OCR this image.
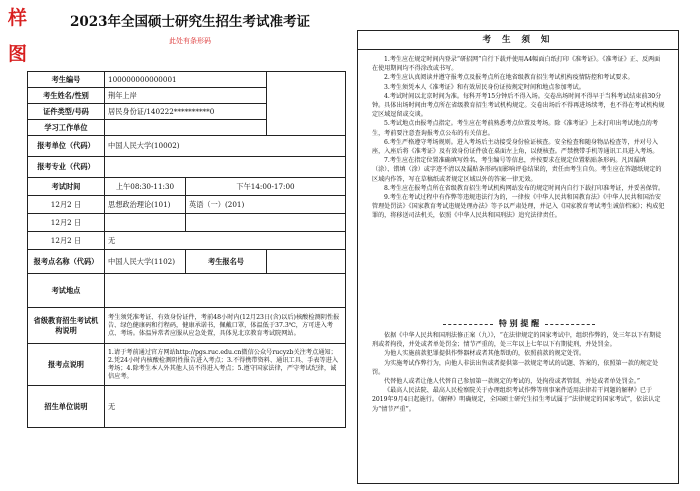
样
图
2023年全国硕士研究生招生考试准考证
此处有条形码
考生编号	100000000000001		
考生姓名/性别	荆年上岸		
证件类型/号码	居民身份证/140222**********0		
学习工作单位			
报考单位（代码）	中国人民大学(10002)		
报考专业（代码）			
考试时间	上午08:30-11:30	下午14:00-17:00	
12月2 日	思想政治理论(101)	英语（一）(201)	
12月2 日			
12月2 日	无		
报考点名称（代码）	中国人民大学(1102)	考生报名号	
考试地点			
省级教育招生考试机构说明	考生须凭准考证、有效身份证件，考前48小时内(12月23日(含)以后)核酸检测阴性报告、绿色健康码和行程码，健康承诺书，佩戴口罩，体温低于37.3℃，方可进入考点、考场。体温异常者应服从应急处置，具体见北京教育考试院网站。		
报考点说明	1.请于考前通过官方网站http://pgs.ruc.edu.cn微信公众号rucyzb关注考点通知；2.凭24小时内核酸检测阴性报告进入考点；3.不得携带资料、通讯工具、手表等进入考场；4.除考生本人外其他人员不得进入考点；5.遵守国家法律，严守考试纪律，诚信应考。		
招生单位说明	无		
考 生 须 知

1.考生应在规定时间内登录“研招网”自行下载并使用A4幅面白纸打印《准考证》。《准考证》正、反两面在使用期间均不得涂改或书写。

2.考生应认真阅读并遵守报考点及报考点所在地省级教育招生考试机构疫情防控和考试要求。

3.考生须凭本人《准考证》和有效居民身份证按规定时间和地点参加考试。

4.考试时间以北京时间为准。每科开考15分钟后不得入场。交卷出场时间不得早于当科考试结束前30分钟。具体出场时间由考点所在省级教育招生考试机构规定。交卷出场后不得再进场续考，也不得在考试机构规定区域逗留或交谈。

5.考试地点由报考点指定。考生应在考前熟悉考点位置及考场。除《准考证》上未打印出考试地点的考生，考前要注意查询报考点公布的有关信息。

6.考生严格遵守考场规则。进入考场后主动接受身份验证核查。安全检查和随身物品检查等，并对号入座，入座后将《准考证》及有效身份证件放在桌面左上角，以便核查。严禁携带手机等通讯工具进入考场。

7.考生应在指定位置准确填写姓名、考生编号等信息，并按要求在规定位置粘贴条形码。凡因漏填（涂）、错填（涂）或字迹不清以及漏贴条形码而影响评卷结果的，责任由考生自负。考生应在答题纸规定的区域内作答，写在草稿纸或者规定区域以外的答案一律无效。

8.考生应在报考点所在省级教育招生考试机构网站发布的规定时间内自行下载打印准考证，并妥善保管。

9.考生在考试过程中有作弊等违规违法行为的，一律按《中华人民共和国教育法》《中华人民共和国治安管理处罚法》《国家教育考试违规处理办法》等予以严肃处理，并记入《国家教育考试考生诚信档案》；构成犯罪的，将移送司法机关，依照《中华人民共和国刑法》追究法律责任。

特 别 提 醒

依据《中华人民共和国刑法修正案（九）》，“在法律规定的国家考试中，组织作弊的，处三年以下有期徒刑或者拘役，并处或者单处罚金；情节严重的，处三年以上七年以下有期徒刑，并处罚金。

为他人实施前款犯罪提供作弊器材或者其他帮助的，依照前款的规定处罚。

为实施考试作弊行为，向他人非法出售或者提供第一款规定考试的试题、答案的，依照第一款的规定处罚。

代替他人或者让他人代替自己参加第一款规定的考试的，处拘役或者管制，并处或者单处罚金。”

《最高人民法院、最高人民检察院关于办理组织考试作弊等刑事案件适用法律若干问题的解释》已于2019年9月4日起施行。《解释》明确规定，全国硕士研究生招生考试属于“法律规定的国家考试”，依法认定为“情节严重”。
